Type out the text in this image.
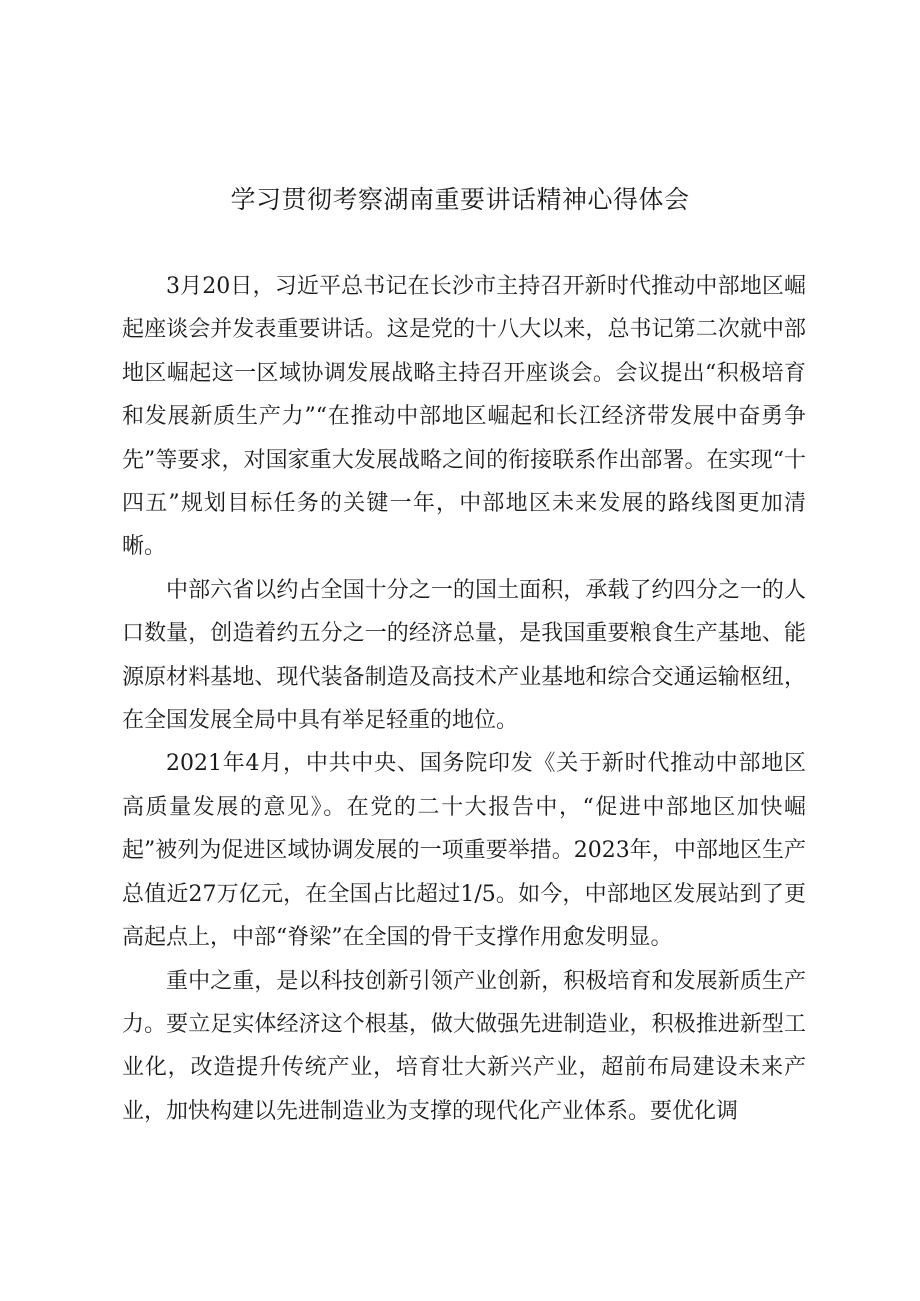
学习贯彻考察湖南重要讲话精神心得体会

3月20日，习近平总书记在长沙市主持召开新时代推动中部地区崛起座谈会并发表重要讲话。这是党的十八大以来，总书记第二次就中部地区崛起这一区域协调发展战略主持召开座谈会。会议提出“积极培育和发展新质生产力”“在推动中部地区崛起和长江经济带发展中奋勇争先”等要求，对国家重大发展战略之间的衔接联系作出部署。在实现“十四五”规划目标任务的关键一年，中部地区未来发展的路线图更加清晰。

中部六省以约占全国十分之一的国土面积，承载了约四分之一的人口数量，创造着约五分之一的经济总量，是我国重要粮食生产基地、能源原材料基地、现代装备制造及高技术产业基地和综合交通运输枢纽，在全国发展全局中具有举足轻重的地位。

2021年4月，中共中央、国务院印发《关于新时代推动中部地区高质量发展的意见》。在党的二十大报告中，“促进中部地区加快崛起”被列为促进区域协调发展的一项重要举措。2023年，中部地区生产总值近27万亿元，在全国占比超过1/5。如今，中部地区发展站到了更高起点上，中部“脊梁”在全国的骨干支撑作用愈发明显。

重中之重，是以科技创新引领产业创新，积极培育和发展新质生产力。要立足实体经济这个根基，做大做强先进制造业，积极推进新型工业化，改造提升传统产业，培育壮大新兴产业，超前布局建设未来产业，加快构建以先进制造业为支撑的现代化产业体系。要优化调
